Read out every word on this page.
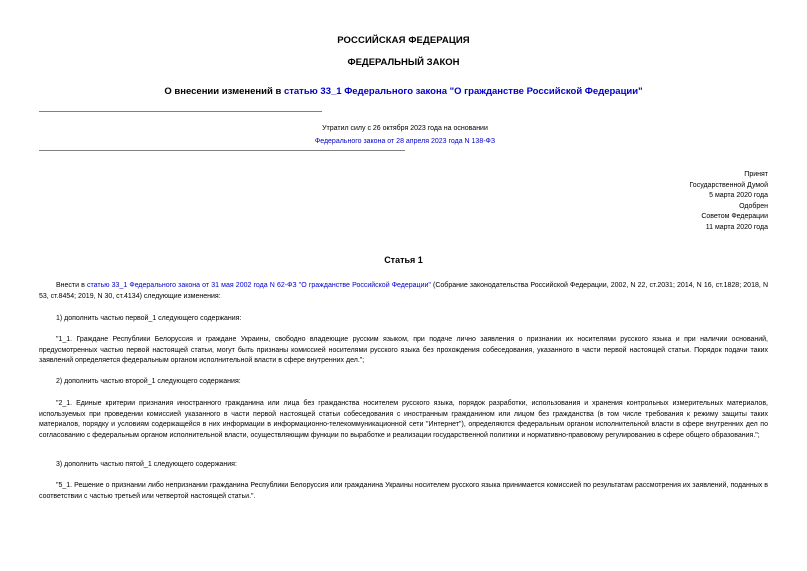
РОССИЙСКАЯ ФЕДЕРАЦИЯ
ФЕДЕРАЛЬНЫЙ ЗАКОН
О внесении изменений в статью 33_1 Федерального закона "О гражданстве Российской Федерации"
Утратил силу с 26 октября 2023 года на основании
Федерального закона от 28 апреля 2023 года N 138-ФЗ
Принят
Государственной Думой
5 марта 2020 года
Одобрен
Советом Федерации
11 марта 2020 года
Статья 1
Внести в статью 33_1 Федерального закона от 31 мая 2002 года N 62-ФЗ "О гражданстве Российской Федерации" (Собрание законодательства Российской Федерации, 2002, N 22, ст.2031; 2014, N 16, ст.1828; 2018, N 53, ст.8454; 2019, N 30, ст.4134) следующие изменения:
1) дополнить частью первой_1 следующего содержания:
"1_1. Граждане Республики Белоруссия и граждане Украины, свободно владеющие русским языком, при подаче лично заявления о признании их носителями русского языка и при наличии оснований, предусмотренных частью первой настоящей статьи, могут быть признаны комиссией носителями русского языка без прохождения собеседования, указанного в части первой настоящей статьи. Порядок подачи таких заявлений определяется федеральным органом исполнительной власти в сфере внутренних дел.";
2) дополнить частью второй_1 следующего содержания:
"2_1. Единые критерии признания иностранного гражданина или лица без гражданства носителем русского языка, порядок разработки, использования и хранения контрольных измерительных материалов, используемых при проведении комиссией указанного в части первой настоящей статьи собеседования с иностранным гражданином или лицом без гражданства (в том числе требования к режиму защиты таких материалов, порядку и условиям содержащейся в них информации в информационно-телекоммуникационной сети "Интернет"), определяются федеральным органом исполнительной власти в сфере внутренних дел по согласованию с федеральным органом исполнительной власти, осуществляющим функции по выработке и реализации государственной политики и нормативно-правовому регулированию в сфере общего образования.";
3) дополнить частью пятой_1 следующего содержания:
"5_1. Решение о признании либо непризнании гражданина Республики Белоруссия или гражданина Украины носителем русского языка принимается комиссией по результатам рассмотрения их заявлений, поданных в соответствии с частью третьей или четвертой настоящей статьи.".
